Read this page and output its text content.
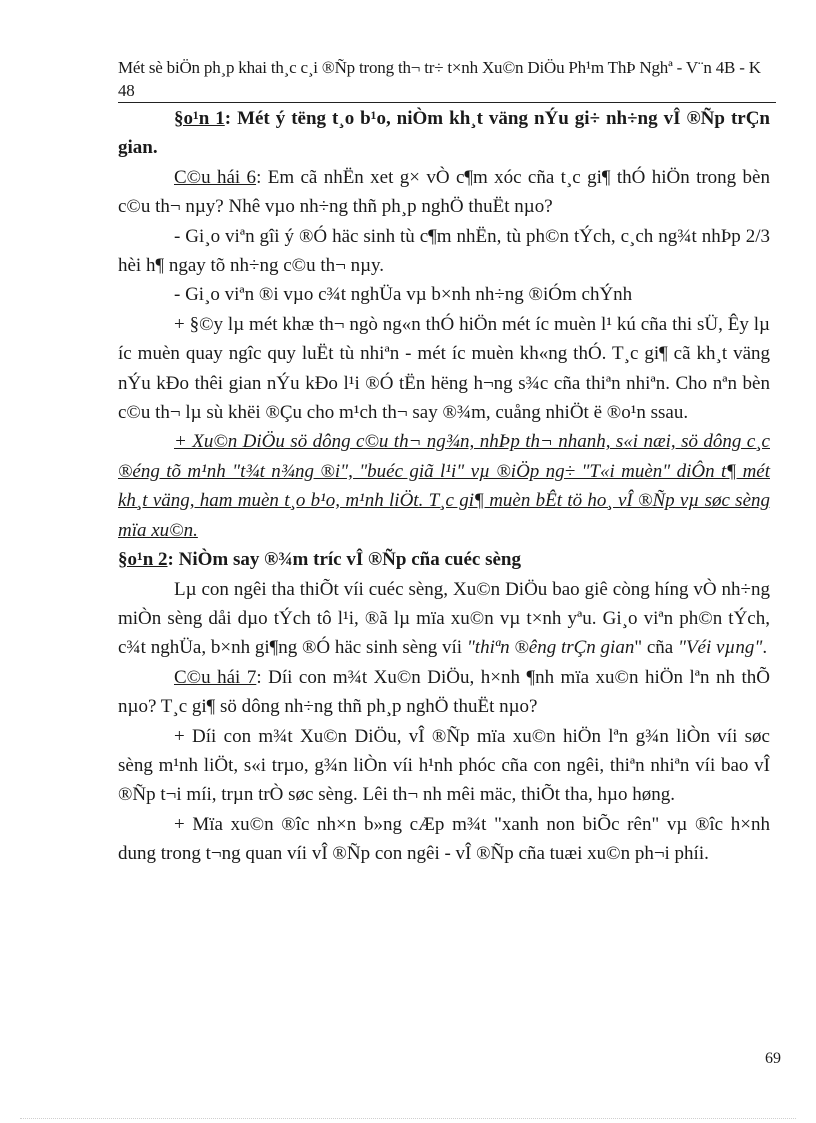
Mét sè biÖn ph¸p khai th¸c c¸i ®Ñp trong th¬ tr÷ t×nh Xu©n DiÖu Ph¹m ThÞ Nghª - V¨n 4B - K 48

§o¹n 1: Mét ý tëng t¸o b¹o, niÒm kh¸t väng nÝu gi÷ nh÷ng vÎ ®Ñp trÇn gian.

C©u hái 6: Em cã nhËn xet g× vÒ c¶m xóc cña t¸c gi¶ thÓ hiÖn trong bèn c©u th¬ nµy? Nhê vµo nh÷ng thñ ph¸p nghÖ thuËt nµo?

- Gi¸o viªn gîi ý ®Ó häc sinh tù c¶m nhËn, tù ph©n tÝch, c¸ch ng¾t nhÞp 2/3 hèi h¶ ngay tõ nh÷ng c©u th¬ nµy.

- Gi¸o viªn ®i vµo c¾t nghÜa vµ b×nh nh÷ng ®iÓm chÝnh

+ §©y lµ mét khæ th¬ ngò ng«n thÓ hiÖn mét íc muèn l¹ kú cña thi sÜ, Êy lµ íc muèn quay ngîc quy luËt tù nhiªn - mét íc muèn kh«ng thÓ. T¸c gi¶ cã kh¸t väng nÝu kÐo thêi gian nÝu kÐo l¹i ®Ó tËn hëng h¬ng s¾c cña thiªn nhiªn. Cho nªn bèn c©u th¬ lµ sù khëi ®Çu cho m¹ch th¬ say ®¾m, cuång nhiÖt ë ®o¹n ssau.

+ Xu©n DiÖu sö dông c©u th¬ ng¾n, nhÞp th¬ nhanh, s«i næi, sö dông c¸c ®éng tõ m¹nh "t¾t n¾ng ®i", "buéc giã l¹i" vµ ®iÖp ng÷ "T«i muèn" diÔn t¶ mét kh¸t väng, ham muèn t¸o b¹o, m¹nh liÖt. T¸c gi¶ muèn bÊt tö ho¸ vÎ ®Ñp vµ søc sèng mïa xu©n.

§o¹n 2: NiÒm say ®¾m tríc vÎ ®Ñp cña cuéc sèng

Lµ con ngêi tha thiÕt víi cuéc sèng, Xu©n DiÖu bao giê còng híng vÒ nh÷ng miÒn sèng dåi dµo tÝch tô l¹i, ®ã lµ mïa xu©n vµ t×nh yªu. Gi¸o viªn ph©n tÝch, c¾t nghÜa, b×nh gi¶ng ®Ó häc sinh sèng víi "thiªn ®êng trÇn gian" cña "Véi vµng".

C©u hái 7: Díi con m¾t Xu©n DiÖu, h×nh ¶nh mïa xu©n hiÖn lªn nh thÕ nµo? T¸c gi¶ sö dông nh÷ng thñ ph¸p nghÖ thuËt nµo?

+ Díi con m¾t Xu©n DiÖu, vÎ ®Ñp mïa xu©n hiÖn lªn g¾n liÒn víi søc sèng m¹nh liÖt, s«i trµo, g¾n liÒn víi h¹nh phóc cña con ngêi, thiªn nhiªn víi bao vÎ ®Ñp t¬i míi, trµn trÒ søc sèng. Lêi th¬ nh mêi mäc, thiÕt tha, hµo høng.

+ Mïa xu©n ®îc nh×n b»ng cÆp m¾t "xanh non biÕc rên" vµ ®îc h×nh dung trong t¬ng quan víi vÎ ®Ñp con ngêi - vÎ ®Ñp cña tuæi xu©n ph¬i phíi.

69
